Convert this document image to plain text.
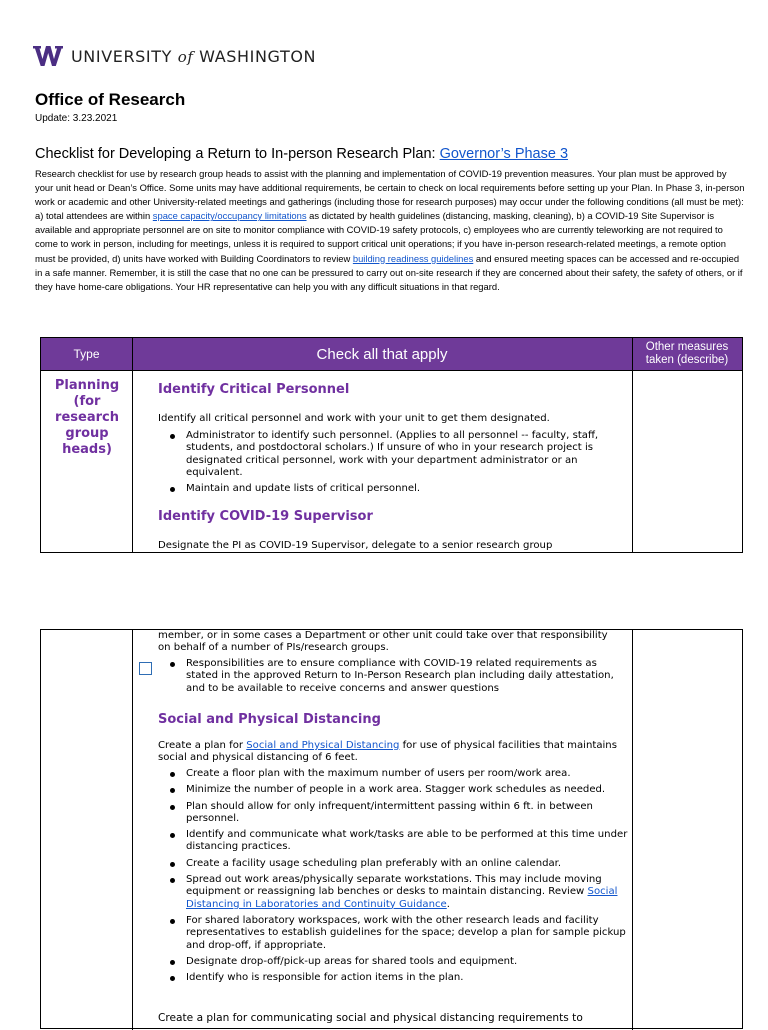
UNIVERSITY of WASHINGTON
Office of Research
Update: 3.23.2021
Checklist for Developing a Return to In-person Research Plan: Governor’s Phase 3
Research checklist for use by research group heads to assist with the planning and implementation of COVID-19 prevention measures. Your plan must be approved by your unit head or Dean’s Office. Some units may have additional requirements, be certain to check on local requirements before setting up your Plan. In Phase 3, in-person work or academic and other University-related meetings and gatherings (including those for research purposes) may occur under the following conditions (all must be met): a) total attendees are within space capacity/occupancy limitations as dictated by health guidelines (distancing, masking, cleaning), b) a COVID-19 Site Supervisor is available and appropriate personnel are on site to monitor compliance with COVID-19 safety protocols, c) employees who are currently teleworking are not required to come to work in person, including for meetings, unless it is required to support critical unit operations; if you have in-person research-related meetings, a remote option must be provided, d) units have worked with Building Coordinators to review building readiness guidelines and ensured meeting spaces can be accessed and re-occupied in a safe manner. Remember, it is still the case that no one can be pressured to carry out on-site research if they are concerned about their safety, the safety of others, or if they have home-care obligations. Your HR representative can help you with any difficult situations in that regard.
Type	Check all that apply	Other measures taken (describe)
Planning (for research group heads)
Identify Critical Personnel
Identify all critical personnel and work with your unit to get them designated.
Administrator to identify such personnel. (Applies to all personnel -- faculty, staff, students, and postdoctoral scholars.) If unsure of who in your research project is designated critical personnel, work with your department administrator or an equivalent.
Maintain and update lists of critical personnel.
Identify COVID-19 Supervisor
Designate the PI as COVID-19 Supervisor, delegate to a senior research group
member, or in some cases a Department or other unit could take over that responsibility on behalf of a number of PIs/research groups.
Responsibilities are to ensure compliance with COVID-19 related requirements as stated in the approved Return to In-Person Research plan including daily attestation, and to be available to receive concerns and answer questions
Social and Physical Distancing
Create a plan for Social and Physical Distancing for use of physical facilities that maintains social and physical distancing of 6 feet.
Create a floor plan with the maximum number of users per room/work area.
Minimize the number of people in a work area. Stagger work schedules as needed.
Plan should allow for only infrequent/intermittent passing within 6 ft. in between personnel.
Identify and communicate what work/tasks are able to be performed at this time under distancing practices.
Create a facility usage scheduling plan preferably with an online calendar.
Spread out work areas/physically separate workstations. This may include moving equipment or reassigning lab benches or desks to maintain distancing. Review Social Distancing in Laboratories and Continuity Guidance.
For shared laboratory workspaces, work with the other research leads and facility representatives to establish guidelines for the space; develop a plan for sample pickup and drop-off, if appropriate.
Designate drop-off/pick-up areas for shared tools and equipment.
Identify who is responsible for action items in the plan.
Create a plan for communicating social and physical distancing requirements to
